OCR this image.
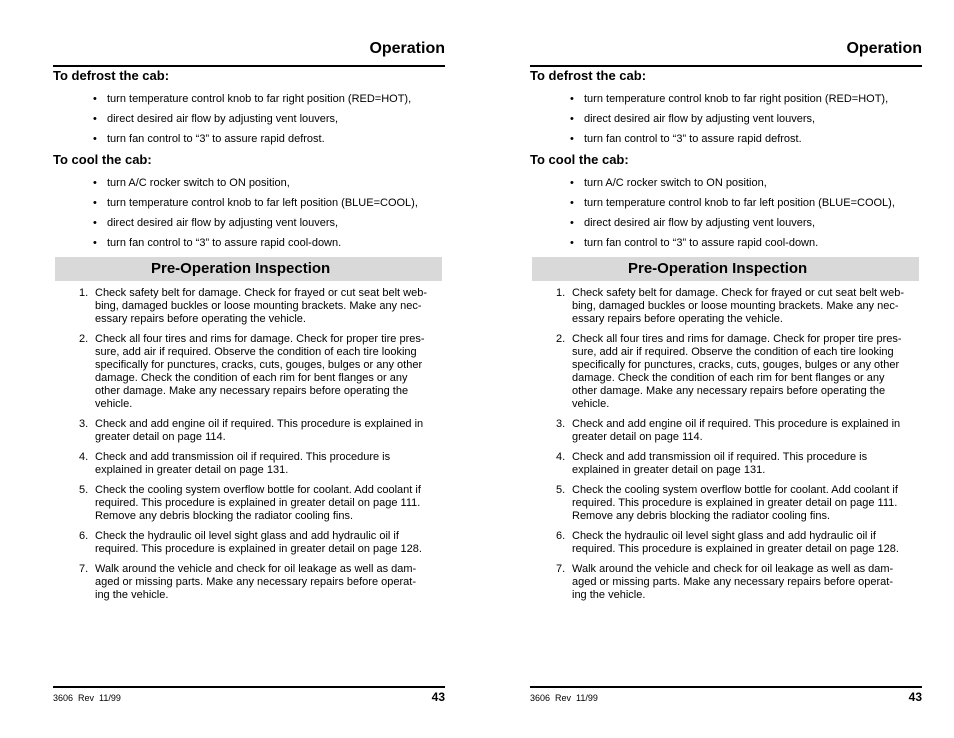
Operation
To defrost the cab:
• turn temperature control knob to far right position (RED=HOT),
• direct desired air flow by adjusting vent louvers,
• turn fan control to “3” to assure rapid defrost.
To cool the cab:
• turn A/C rocker switch to ON position,
• turn temperature control knob to far left position (BLUE=COOL),
• direct desired air flow by adjusting vent louvers,
• turn fan control to “3” to assure rapid cool-down.
Pre-Operation Inspection
1. Check safety belt for damage. Check for frayed or cut seat belt web-
bing, damaged buckles or loose mounting brackets. Make any nec-
essary repairs before operating the vehicle.
2. Check all four tires and rims for damage. Check for proper tire pres-
sure, add air if required. Observe the condition of each tire looking
specifically for punctures, cracks, cuts, gouges, bulges or any other
damage. Check the condition of each rim for bent flanges or any
other damage. Make any necessary repairs before operating the
vehicle.
3. Check and add engine oil if required. This procedure is explained in
greater detail on page 114.
4. Check and add transmission oil if required. This procedure is
explained in greater detail on page 131.
5. Check the cooling system overflow bottle for coolant. Add coolant if
required. This procedure is explained in greater detail on page 111.
Remove any debris blocking the radiator cooling fins.
6. Check the hydraulic oil level sight glass and add hydraulic oil if
required. This procedure is explained in greater detail on page 128.
7. Walk around the vehicle and check for oil leakage as well as dam-
aged or missing parts. Make any necessary repairs before operat-
ing the vehicle.
3606  Rev  11/99	43
Operation
To defrost the cab:
• turn temperature control knob to far right position (RED=HOT),
• direct desired air flow by adjusting vent louvers,
• turn fan control to “3” to assure rapid defrost.
To cool the cab:
• turn A/C rocker switch to ON position,
• turn temperature control knob to far left position (BLUE=COOL),
• direct desired air flow by adjusting vent louvers,
• turn fan control to “3” to assure rapid cool-down.
Pre-Operation Inspection
1. Check safety belt for damage. Check for frayed or cut seat belt web-
bing, damaged buckles or loose mounting brackets. Make any nec-
essary repairs before operating the vehicle.
2. Check all four tires and rims for damage. Check for proper tire pres-
sure, add air if required. Observe the condition of each tire looking
specifically for punctures, cracks, cuts, gouges, bulges or any other
damage. Check the condition of each rim for bent flanges or any
other damage. Make any necessary repairs before operating the
vehicle.
3. Check and add engine oil if required. This procedure is explained in
greater detail on page 114.
4. Check and add transmission oil if required. This procedure is
explained in greater detail on page 131.
5. Check the cooling system overflow bottle for coolant. Add coolant if
required. This procedure is explained in greater detail on page 111.
Remove any debris blocking the radiator cooling fins.
6. Check the hydraulic oil level sight glass and add hydraulic oil if
required. This procedure is explained in greater detail on page 128.
7. Walk around the vehicle and check for oil leakage as well as dam-
aged or missing parts. Make any necessary repairs before operat-
ing the vehicle.
3606  Rev  11/99	43
